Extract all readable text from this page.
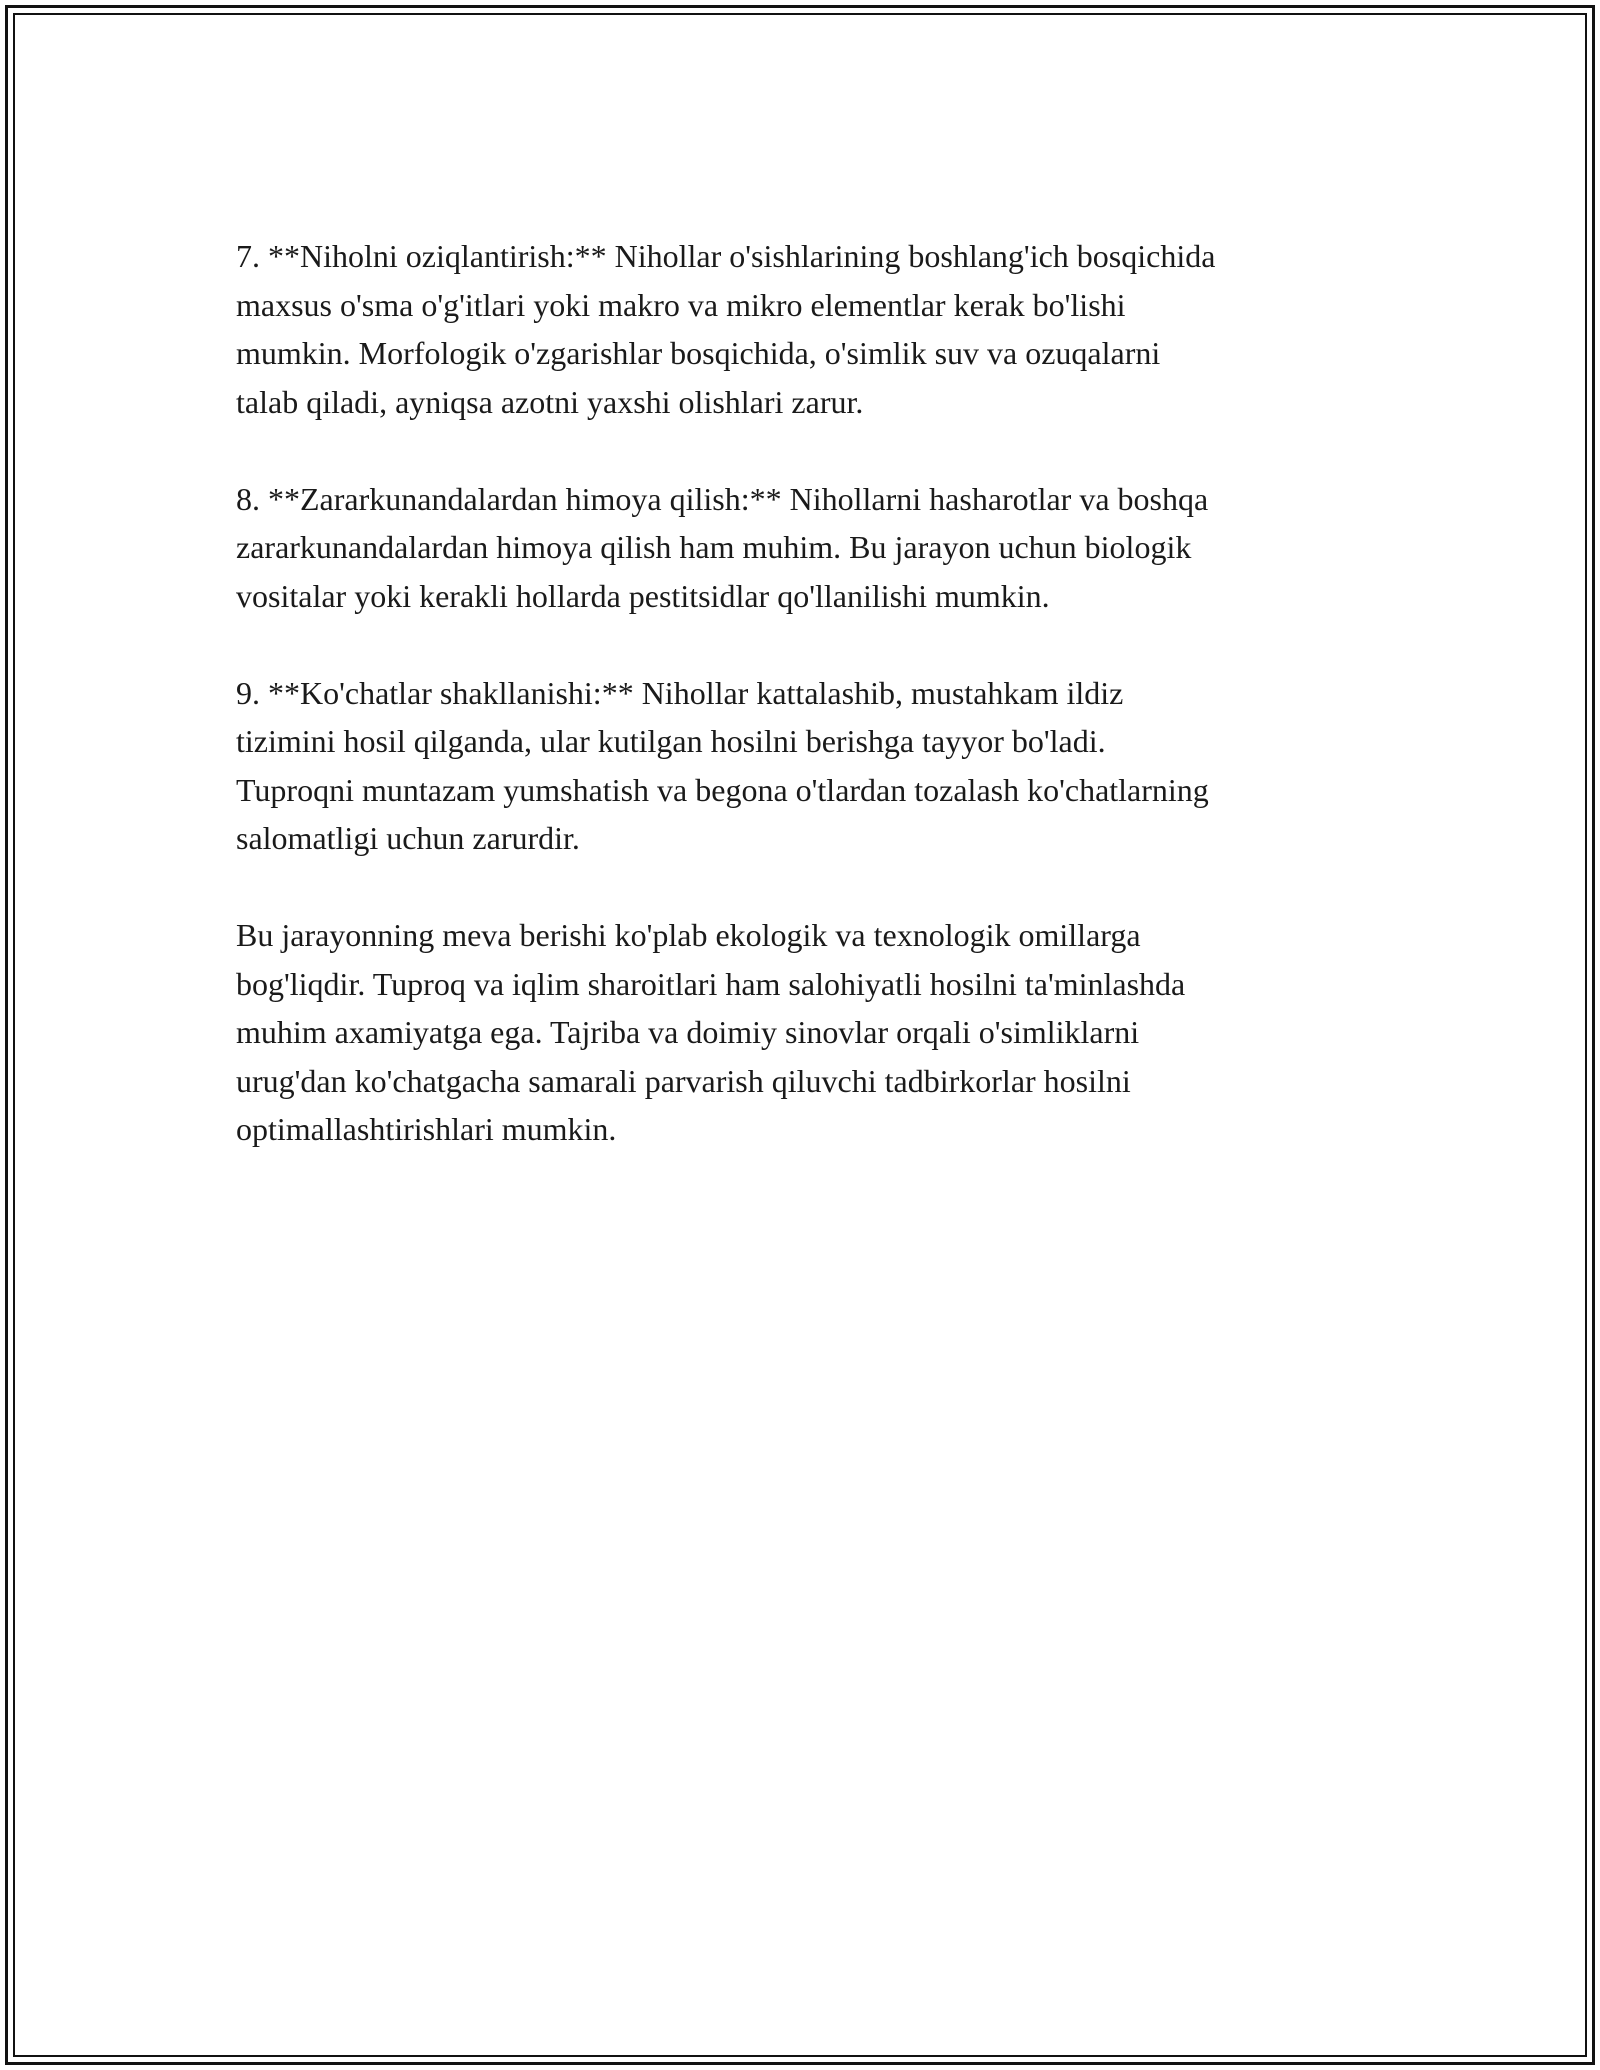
7. **Niholni oziqlantirish:** Nihollar o'sishlarining boshlang'ich bosqichida
maxsus o'sma o'g'itlari yoki makro va mikro elementlar kerak bo'lishi
mumkin. Morfologik o'zgarishlar bosqichida, o'simlik suv va ozuqalarni
talab qiladi, ayniqsa azotni yaxshi olishlari zarur.

8. **Zararkunandalardan himoya qilish:** Nihollarni hasharotlar va boshqa
zararkunandalardan himoya qilish ham muhim. Bu jarayon uchun biologik
vositalar yoki kerakli hollarda pestitsidlar qo'llanilishi mumkin.

9. **Ko'chatlar shakllanishi:** Nihollar kattalashib, mustahkam ildiz
tizimini hosil qilganda, ular kutilgan hosilni berishga tayyor bo'ladi.
Tuproqni muntazam yumshatish va begona o'tlardan tozalash ko'chatlarning
salomatligi uchun zarurdir.

Bu jarayonning meva berishi ko'plab ekologik va texnologik omillarga
bog'liqdir. Tuproq va iqlim sharoitlari ham salohiyatli hosilni ta'minlashda
muhim axamiyatga ega. Tajriba va doimiy sinovlar orqali o'simliklarni
urug'dan ko'chatgacha samarali parvarish qiluvchi tadbirkorlar hosilni
optimallashtirishlari mumkin.
